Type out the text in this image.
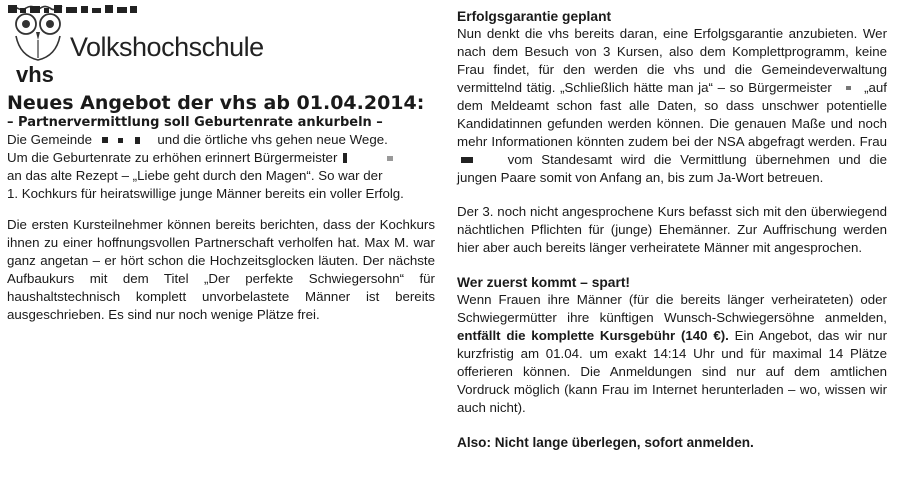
Volkshochschule
vhs

Neues Angebot der vhs ab 01.04.2014:

– Partnervermittlung soll Geburtenrate ankurbeln –

Die Gemeinde	und die örtliche vhs gehen neue Wege.
Um die Geburtenrate zu erhöhen erinnert Bürgermeister
an das alte Rezept – „Liebe geht durch den Magen“. So war der
1. Kochkurs für heiratswillige junge Männer bereits ein voller Erfolg.

Die ersten Kursteilnehmer können bereits berichten, dass der Kochkurs ihnen zu einer hoffnungsvollen Partnerschaft verholfen hat. Max M. war ganz angetan – er hört schon die Hochzeitsglocken läuten. Der nächste Aufbaukurs mit dem Titel „Der perfekte Schwiegersohn“ für haushaltstechnisch komplett unvorbelastete Männer ist bereits ausgeschrieben. Es sind nur noch wenige Plätze frei.

Erfolgsgarantie geplant

Nun denkt die vhs bereits daran, eine Erfolgsgarantie anzubieten. Wer nach dem Besuch von 3 Kursen, also dem Komplettprogramm, keine Frau findet, für den werden die vhs und die Gemeindeverwaltung vermittelnd tätig. „Schließlich hätte man ja“ – so Bürgermeister „auf dem Meldeamt schon fast alle Daten, so dass unschwer potentielle Kandidatinnen gefunden werden können. Die genauen Maße und noch mehr Informationen könnten zudem bei der NSA abgefragt werden. Frau  vom Standesamt wird die Vermittlung übernehmen und die jungen Paare somit von Anfang an, bis zum Ja-Wort betreuen.

Der 3. noch nicht angesprochene Kurs befasst sich mit den überwiegend nächtlichen Pflichten für (junge) Ehemänner. Zur Auffrischung werden hier aber auch bereits länger verheiratete Männer mit angesprochen.

Wer zuerst kommt – spart!

Wenn Frauen ihre Männer (für die bereits länger verheirateten) oder Schwiegermütter ihre künftigen Wunsch-Schwiegersöhne anmelden, entfällt die komplette Kursgebühr (140 €). Ein Angebot, das wir nur kurzfristig am 01.04. um exakt 14:14 Uhr und für maximal 14 Plätze offerieren können. Die Anmeldungen sind nur auf dem amtlichen Vordruck möglich (kann Frau im Internet herunterladen – wo, wissen wir auch nicht).

Also: Nicht lange überlegen, sofort anmelden.
